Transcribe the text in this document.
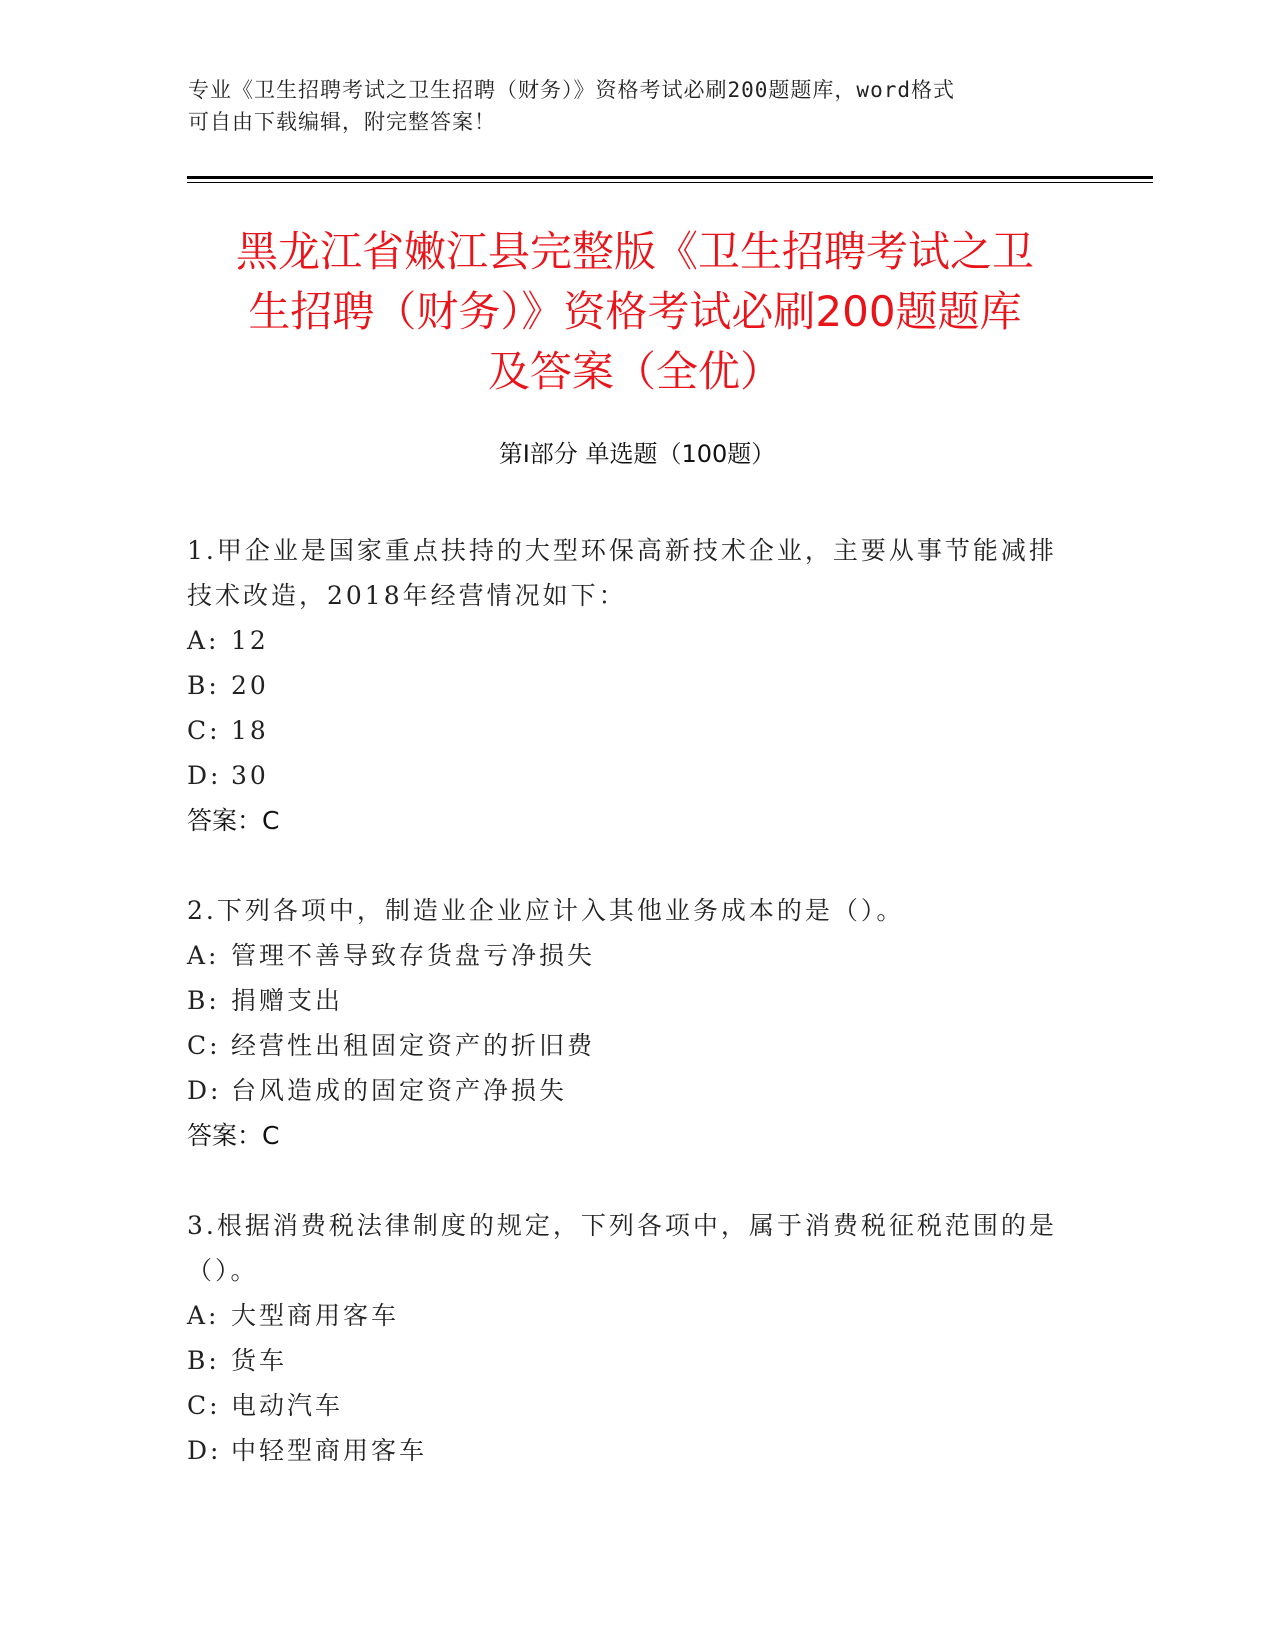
专业《卫生招聘考试之卫生招聘（财务）》资格考试必刷200题题库，word格式
可自由下载编辑，附完整答案！
黑龙江省嫩江县完整版《卫生招聘考试之卫
生招聘（财务）》资格考试必刷200题题库
及答案（全优）
第Ⅰ部分 单选题（100题）
1.甲企业是国家重点扶持的大型环保高新技术企业，主要从事节能减排技术改造，2018年经营情况如下：
A: 12
B: 20
C: 18
D: 30
答案：C
2.下列各项中，制造业企业应计入其他业务成本的是（）。
A: 管理不善导致存货盘亏净损失
B: 捐赠支出
C: 经营性出租固定资产的折旧费
D: 台风造成的固定资产净损失
答案：C
3.根据消费税法律制度的规定，下列各项中，属于消费税征税范围的是（）。
A: 大型商用客车
B: 货车
C: 电动汽车
D: 中轻型商用客车
